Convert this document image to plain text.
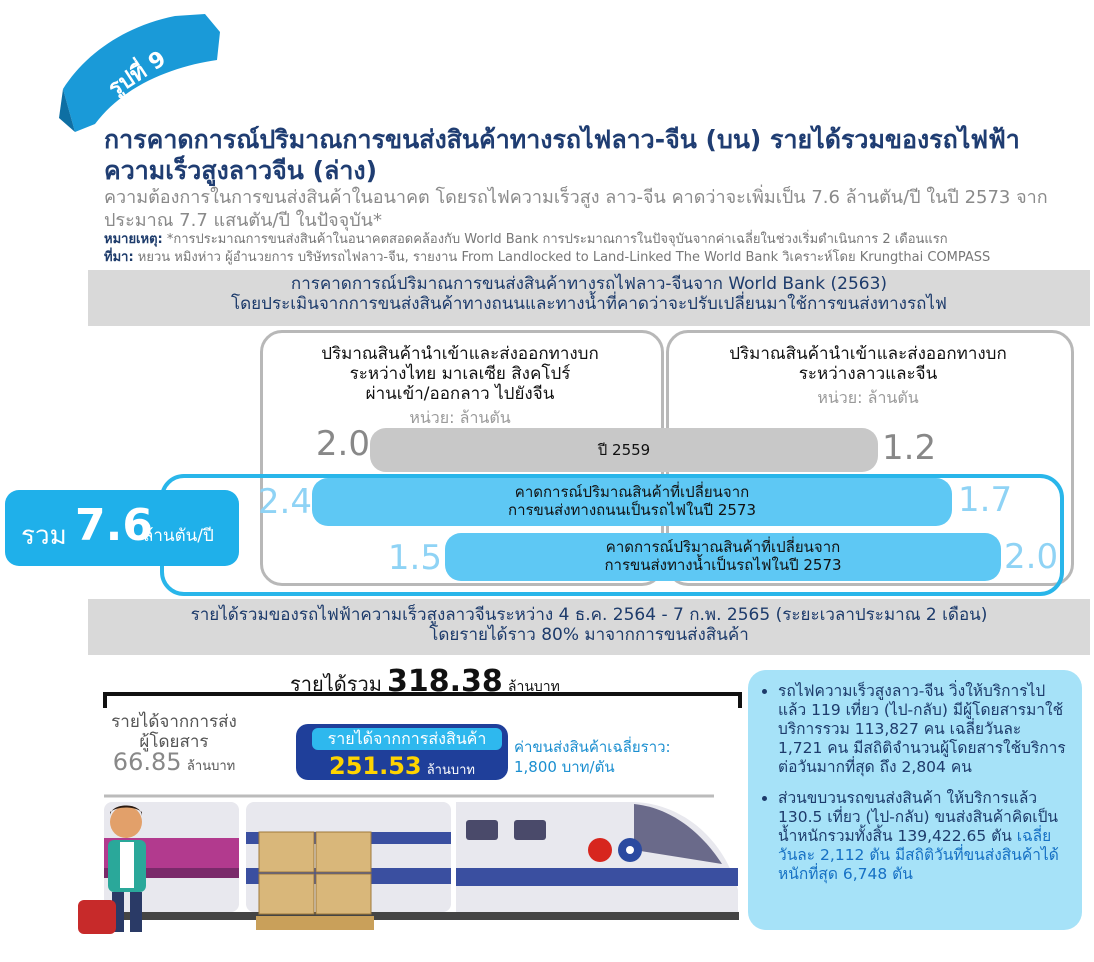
รูปที่ 9
การคาดการณ์ปริมาณการขนส่งสินค้าทางรถไฟลาว-จีน (บน) รายได้รวมของรถไฟฟ้าความเร็วสูงลาวจีน (ล่าง)
ความต้องการในการขนส่งสินค้าในอนาคต โดยรถไฟความเร็วสูง ลาว-จีน คาดว่าจะเพิ่มเป็น 7.6 ล้านตัน/ปี ในปี 2573 จากประมาณ 7.7 แสนตัน/ปี ในปัจจุบัน*
หมายเหตุ: *การประมาณการขนส่งสินค้าในอนาคตสอดคล้องกับ World Bank การประมาณการในปัจจุบันจากค่าเฉลี่ยในช่วงเริ่มดำเนินการ 2 เดือนแรก
ที่มา: หยวน หมิงห่าว ผู้อำนวยการ บริษัทรถไฟลาว-จีน, รายงาน From Landlocked to Land-Linked The World Bank วิเคราะห์โดย Krungthai COMPASS
การคาดการณ์ปริมาณการขนส่งสินค้าทางรถไฟลาว-จีนจาก World Bank (2563)
โดยประเมินจากการขนส่งสินค้าทางถนนและทางน้ำที่คาดว่าจะปรับเปลี่ยนมาใช้การขนส่งทางรถไฟ
ปริมาณสินค้านำเข้าและส่งออกทางบก
ระหว่างไทย มาเลเซีย สิงคโปร์
ผ่านเข้า/ออกลาว ไปยังจีน
หน่วย: ล้านตัน
ปริมาณสินค้านำเข้าและส่งออกทางบก
ระหว่างลาวและจีน
หน่วย: ล้านตัน
2.0	ปี 2559	1.2
2.4	คาดการณ์ปริมาณสินค้าที่เปลี่ยนจาก
การขนส่งทางถนนเป็นรถไฟในปี 2573	1.7
1.5	คาดการณ์ปริมาณสินค้าที่เปลี่ยนจาก
การขนส่งทางน้ำเป็นรถไฟในปี 2573	2.0
รวม 7.6
ล้านตัน/ปี
รายได้รวมของรถไฟฟ้าความเร็วสูงลาวจีนระหว่าง 4 ธ.ค. 2564 - 7 ก.พ. 2565 (ระยะเวลาประมาณ 2 เดือน)
โดยรายได้ราว 80% มาจากการขนส่งสินค้า
รายได้รวม 318.38 ล้านบาท
รายได้จากการส่ง
ผู้โดยสาร
66.85 ล้านบาท
รายได้จากการส่งสินค้า
251.53 ล้านบาท
ค่าขนส่งสินค้าเฉลี่ยราว:
1,800 บาท/ตัน
• รถไฟความเร็วสูงลาว-จีน วิ่งให้บริการไปแล้ว 119 เที่ยว (ไป-กลับ) มีผู้โดยสารมาใช้บริการรวม 113,827 คน เฉลี่ยวันละ 1,721 คน มีสถิติจำนวนผู้โดยสารใช้บริการต่อวันมากที่สุด ถึง 2,804 คน
• ส่วนขบวนรถขนส่งสินค้า ให้บริการแล้ว 130.5 เที่ยว (ไป-กลับ) ขนส่งสินค้าคิดเป็นน้ำหนักรวมทั้งสิ้น 139,422.65 ตัน เฉลี่ยวันละ 2,112 ตัน มีสถิติวันที่ขนส่งสินค้าได้หนักที่สุด 6,748 ตัน
